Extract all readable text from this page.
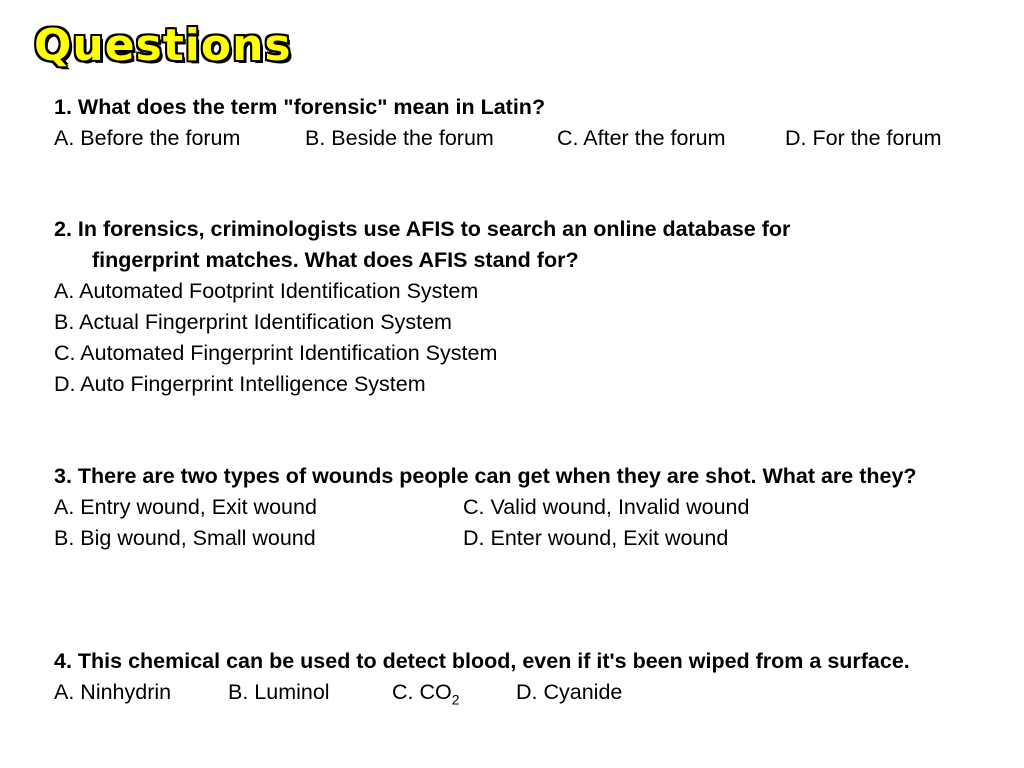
Questions
1. What does the term "forensic" mean in Latin?
A. Before the forum	B. Beside the forum	C. After the forum	D. For the forum
2. In forensics, criminologists use AFIS to search an online database for
fingerprint matches. What does AFIS stand for?
A. Automated Footprint Identification System
B. Actual Fingerprint Identification System
C. Automated Fingerprint Identification System
D. Auto Fingerprint Intelligence System
3. There are two types of wounds people can get when they are shot. What are they?
A. Entry wound, Exit wound	C. Valid wound, Invalid wound
B. Big wound, Small wound	D. Enter wound, Exit wound
4. This chemical can be used to detect blood, even if it's been wiped from a surface.
A. Ninhydrin	B. Luminol	C. $CO_2$	D. Cyanide
